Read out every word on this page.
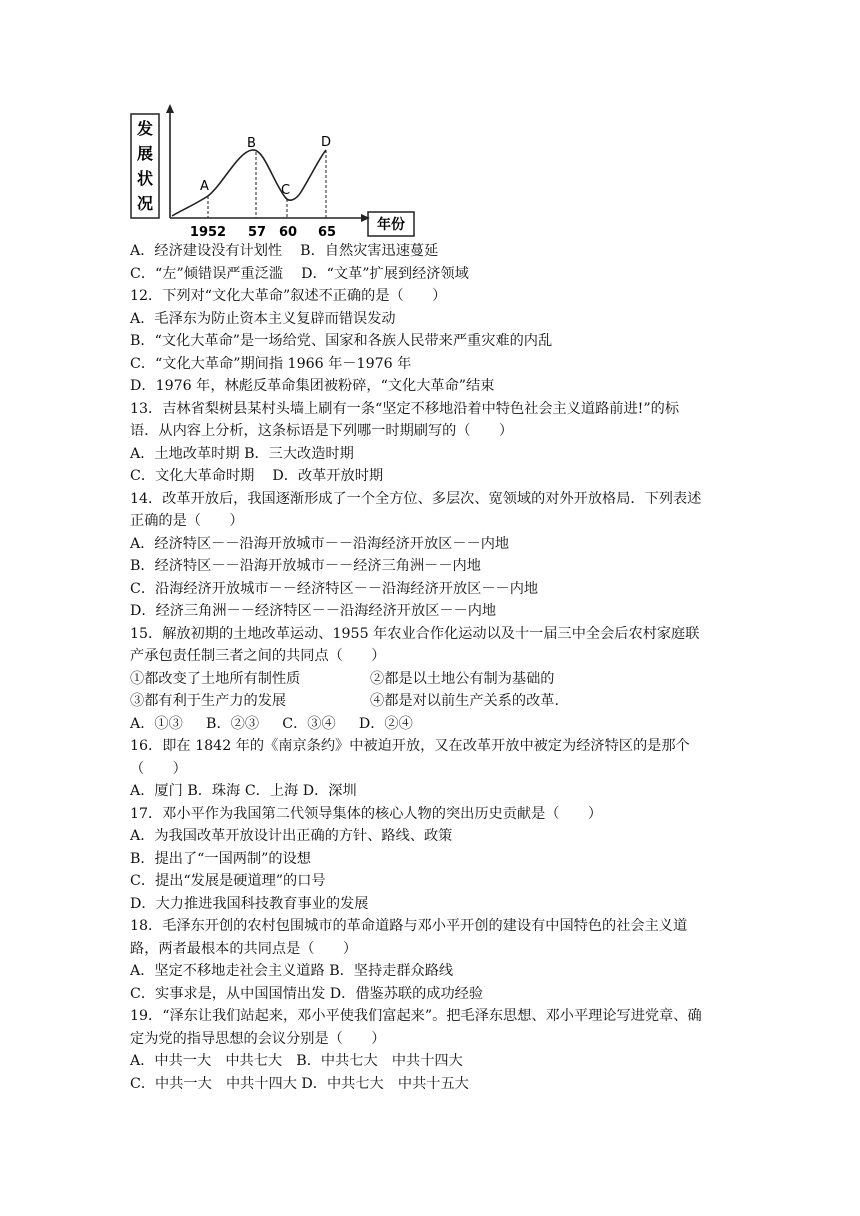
发
展
状
况
年份
A
B
C
D
1952 57 60 65
A．经济建设没有计划性    B．自然灾害迅速蔓延
C．“左”倾错误严重泛滥    D．“文革”扩展到经济领域
12．下列对“文化大革命”叙述不正确的是（　　）
A．毛泽东为防止资本主义复辟而错误发动
B．“文化大革命”是一场给党、国家和各族人民带来严重灾难的内乱
C．“文化大革命”期间指 1966 年－1976 年
D．1976 年，林彪反革命集团被粉碎，“文化大革命”结束
13．吉林省梨树县某村头墙上刷有一条“坚定不移地沿着中特色社会主义道路前进!”的标
语．从内容上分析，这条标语是下列哪一时期刷写的（　　）
A．土地改革时期 B．三大改造时期
C．文化大革命时期    D．改革开放时期
14．改革开放后，我国逐渐形成了一个全方位、多层次、宽领域的对外开放格局．下列表述
正确的是（　　）
A．经济特区－－沿海开放城市－－沿海经济开放区－－内地
B．经济特区－－沿海开放城市－－经济三角洲－－内地
C．沿海经济开放城市－－经济特区－－沿海经济开放区－－内地
D．经济三角洲－－经济特区－－沿海经济开放区－－内地
15．解放初期的土地改革运动、1955 年农业合作化运动以及十一届三中全会后农村家庭联
产承包责任制三者之间的共同点（　　）
①都改变了土地所有制性质	②都是以土地公有制为基础的
③都有利于生产力的发展	④都是对以前生产关系的改革.
A．①③　  B．②③　  C．③④　  D．②④
16．即在 1842 年的《南京条约》中被迫开放，又在改革开放中被定为经济特区的是那个
（　　）
A．厦门 B．珠海 C．上海 D．深圳
17．邓小平作为我国第二代领导集体的核心人物的突出历史贡献是（　　）
A．为我国改革开放设计出正确的方针、路线、政策
B．提出了“一国两制”的设想
C．提出“发展是硬道理”的口号
D．大力推进我国科技教育事业的发展
18．毛泽东开创的农村包围城市的革命道路与邓小平开创的建设有中国特色的社会主义道
路，两者最根本的共同点是（　　）
A．坚定不移地走社会主义道路 B．坚持走群众路线
C．实事求是，从中国国情出发 D．借鉴苏联的成功经验
19．“泽东让我们站起来，邓小平使我们富起来”。把毛泽东思想、邓小平理论写进党章、确
定为党的指导思想的会议分别是（　　）
A．中共一大　中共七大　B．中共七大　中共十四大
C．中共一大　中共十四大 D．中共七大　中共十五大
